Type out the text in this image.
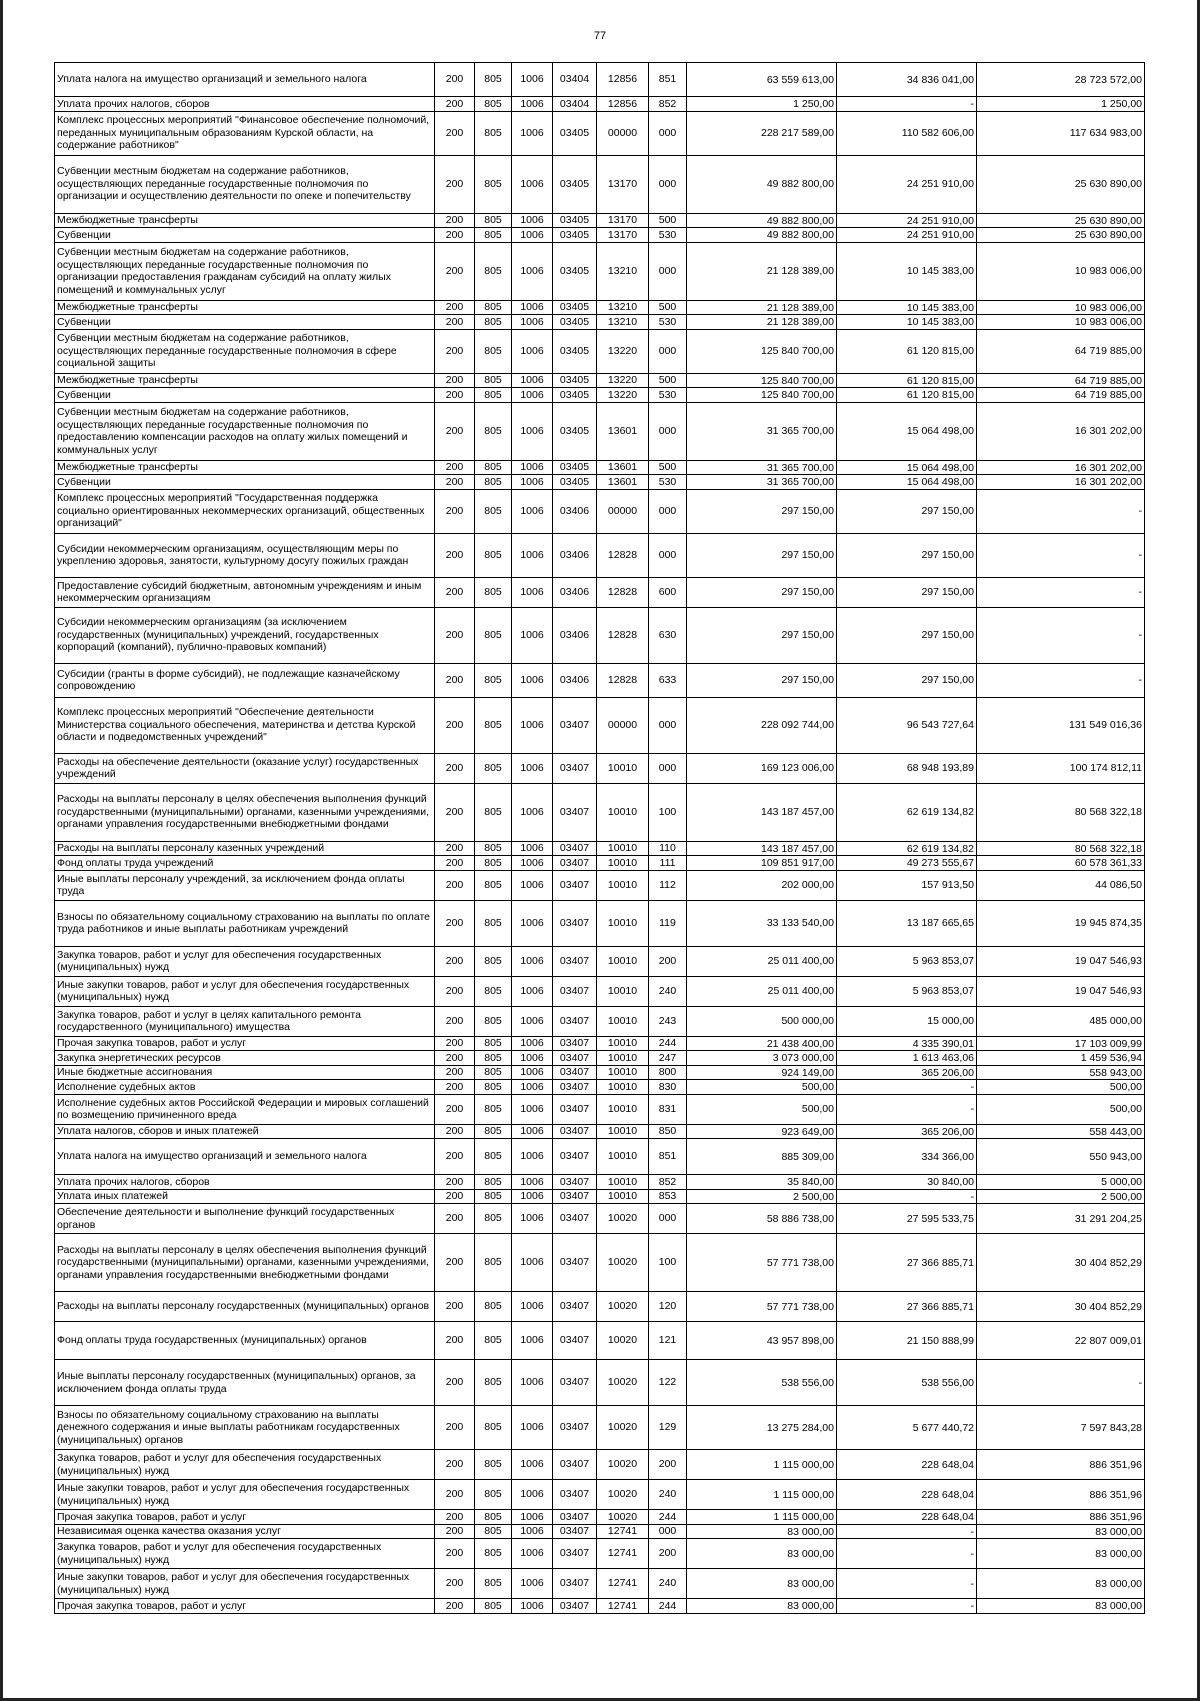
77
Уплата налога на имущество организаций и земельного налога	200	805	1006	03404	12856	851	63 559 613,00	34 836 041,00	28 723 572,00
Уплата прочих налогов, сборов	200	805	1006	03404	12856	852	1 250,00	-	1 250,00
Комплекс процессных мероприятий "Финансовое обеспечение полномочий, переданных муниципальным образованиям Курской области, на содержание работников"	200	805	1006	03405	00000	000	228 217 589,00	110 582 606,00	117 634 983,00
Субвенции местным бюджетам на содержание работников, осуществляющих переданные государственные полномочия по организации и осуществлению деятельности по опеке и попечительству	200	805	1006	03405	13170	000	49 882 800,00	24 251 910,00	25 630 890,00
Межбюджетные трансферты	200	805	1006	03405	13170	500	49 882 800,00	24 251 910,00	25 630 890,00
Субвенции	200	805	1006	03405	13170	530	49 882 800,00	24 251 910,00	25 630 890,00
Субвенции местным бюджетам на содержание работников, осуществляющих переданные государственные полномочия по организации предоставления гражданам субсидий на оплату жилых помещений и коммунальных услуг	200	805	1006	03405	13210	000	21 128 389,00	10 145 383,00	10 983 006,00
Межбюджетные трансферты	200	805	1006	03405	13210	500	21 128 389,00	10 145 383,00	10 983 006,00
Субвенции	200	805	1006	03405	13210	530	21 128 389,00	10 145 383,00	10 983 006,00
Субвенции местным бюджетам на содержание работников, осуществляющих переданные государственные полномочия в сфере социальной защиты	200	805	1006	03405	13220	000	125 840 700,00	61 120 815,00	64 719 885,00
Межбюджетные трансферты	200	805	1006	03405	13220	500	125 840 700,00	61 120 815,00	64 719 885,00
Субвенции	200	805	1006	03405	13220	530	125 840 700,00	61 120 815,00	64 719 885,00
Субвенции местным бюджетам на содержание работников, осуществляющих переданные государственные полномочия по предоставлению компенсации расходов на оплату жилых помещений и коммунальных услуг	200	805	1006	03405	13601	000	31 365 700,00	15 064 498,00	16 301 202,00
Межбюджетные трансферты	200	805	1006	03405	13601	500	31 365 700,00	15 064 498,00	16 301 202,00
Субвенции	200	805	1006	03405	13601	530	31 365 700,00	15 064 498,00	16 301 202,00
Комплекс процессных мероприятий "Государственная поддержка социально ориентированных некоммерческих организаций, общественных организаций"	200	805	1006	03406	00000	000	297 150,00	297 150,00	-
Субсидии некоммерческим организациям, осуществляющим меры по укреплению здоровья, занятости, культурному досугу пожилых граждан	200	805	1006	03406	12828	000	297 150,00	297 150,00	-
Предоставление субсидий бюджетным, автономным учреждениям и иным некоммерческим организациям	200	805	1006	03406	12828	600	297 150,00	297 150,00	-
Субсидии некоммерческим организациям (за исключением государственных (муниципальных) учреждений, государственных корпораций (компаний), публично-правовых компаний)	200	805	1006	03406	12828	630	297 150,00	297 150,00	-
Субсидии (гранты в форме субсидий), не подлежащие казначейскому сопровождению	200	805	1006	03406	12828	633	297 150,00	297 150,00	-
Комплекс процессных мероприятий "Обеспечение деятельности Министерства социального обеспечения, материнства и детства Курской области и подведомственных учреждений"	200	805	1006	03407	00000	000	228 092 744,00	96 543 727,64	131 549 016,36
Расходы на обеспечение деятельности (оказание услуг) государственных учреждений	200	805	1006	03407	10010	000	169 123 006,00	68 948 193,89	100 174 812,11
Расходы на выплаты персоналу в целях обеспечения выполнения функций государственными (муниципальными) органами, казенными учреждениями, органами управления государственными внебюджетными фондами	200	805	1006	03407	10010	100	143 187 457,00	62 619 134,82	80 568 322,18
Расходы на выплаты персоналу казенных учреждений	200	805	1006	03407	10010	110	143 187 457,00	62 619 134,82	80 568 322,18
Фонд оплаты труда учреждений	200	805	1006	03407	10010	111	109 851 917,00	49 273 555,67	60 578 361,33
Иные выплаты персоналу учреждений, за исключением фонда оплаты труда	200	805	1006	03407	10010	112	202 000,00	157 913,50	44 086,50
Взносы по обязательному социальному страхованию на выплаты по оплате труда работников и иные выплаты работникам учреждений	200	805	1006	03407	10010	119	33 133 540,00	13 187 665,65	19 945 874,35
Закупка товаров, работ и услуг для обеспечения государственных (муниципальных) нужд	200	805	1006	03407	10010	200	25 011 400,00	5 963 853,07	19 047 546,93
Иные закупки товаров, работ и услуг для обеспечения государственных (муниципальных) нужд	200	805	1006	03407	10010	240	25 011 400,00	5 963 853,07	19 047 546,93
Закупка товаров, работ и услуг в целях капитального ремонта государственного (муниципального) имущества	200	805	1006	03407	10010	243	500 000,00	15 000,00	485 000,00
Прочая закупка товаров, работ и услуг	200	805	1006	03407	10010	244	21 438 400,00	4 335 390,01	17 103 009,99
Закупка энергетических ресурсов	200	805	1006	03407	10010	247	3 073 000,00	1 613 463,06	1 459 536,94
Иные бюджетные ассигнования	200	805	1006	03407	10010	800	924 149,00	365 206,00	558 943,00
Исполнение судебных актов	200	805	1006	03407	10010	830	500,00	-	500,00
Исполнение судебных актов Российской Федерации и мировых соглашений по возмещению причиненного вреда	200	805	1006	03407	10010	831	500,00	-	500,00
Уплата налогов, сборов и иных платежей	200	805	1006	03407	10010	850	923 649,00	365 206,00	558 443,00
Уплата налога на имущество организаций и земельного налога	200	805	1006	03407	10010	851	885 309,00	334 366,00	550 943,00
Уплата прочих налогов, сборов	200	805	1006	03407	10010	852	35 840,00	30 840,00	5 000,00
Уплата иных платежей	200	805	1006	03407	10010	853	2 500,00	-	2 500,00
Обеспечение деятельности и выполнение функций государственных органов	200	805	1006	03407	10020	000	58 886 738,00	27 595 533,75	31 291 204,25
Расходы на выплаты персоналу в целях обеспечения выполнения функций государственными (муниципальными) органами, казенными учреждениями, органами управления государственными внебюджетными фондами	200	805	1006	03407	10020	100	57 771 738,00	27 366 885,71	30 404 852,29
Расходы на выплаты персоналу государственных (муниципальных) органов	200	805	1006	03407	10020	120	57 771 738,00	27 366 885,71	30 404 852,29
Фонд оплаты труда государственных (муниципальных) органов	200	805	1006	03407	10020	121	43 957 898,00	21 150 888,99	22 807 009,01
Иные выплаты персоналу государственных (муниципальных) органов, за исключением фонда оплаты труда	200	805	1006	03407	10020	122	538 556,00	538 556,00	-
Взносы по обязательному социальному страхованию на выплаты денежного содержания и иные выплаты работникам государственных (муниципальных) органов	200	805	1006	03407	10020	129	13 275 284,00	5 677 440,72	7 597 843,28
Закупка товаров, работ и услуг для обеспечения государственных (муниципальных) нужд	200	805	1006	03407	10020	200	1 115 000,00	228 648,04	886 351,96
Иные закупки товаров, работ и услуг для обеспечения государственных (муниципальных) нужд	200	805	1006	03407	10020	240	1 115 000,00	228 648,04	886 351,96
Прочая закупка товаров, работ и услуг	200	805	1006	03407	10020	244	1 115 000,00	228 648,04	886 351,96
Независимая оценка качества оказания услуг	200	805	1006	03407	12741	000	83 000,00	-	83 000,00
Закупка товаров, работ и услуг для обеспечения государственных (муниципальных) нужд	200	805	1006	03407	12741	200	83 000,00	-	83 000,00
Иные закупки товаров, работ и услуг для обеспечения государственных (муниципальных) нужд	200	805	1006	03407	12741	240	83 000,00	-	83 000,00
Прочая закупка товаров, работ и услуг	200	805	1006	03407	12741	244	83 000,00	-	83 000,00
